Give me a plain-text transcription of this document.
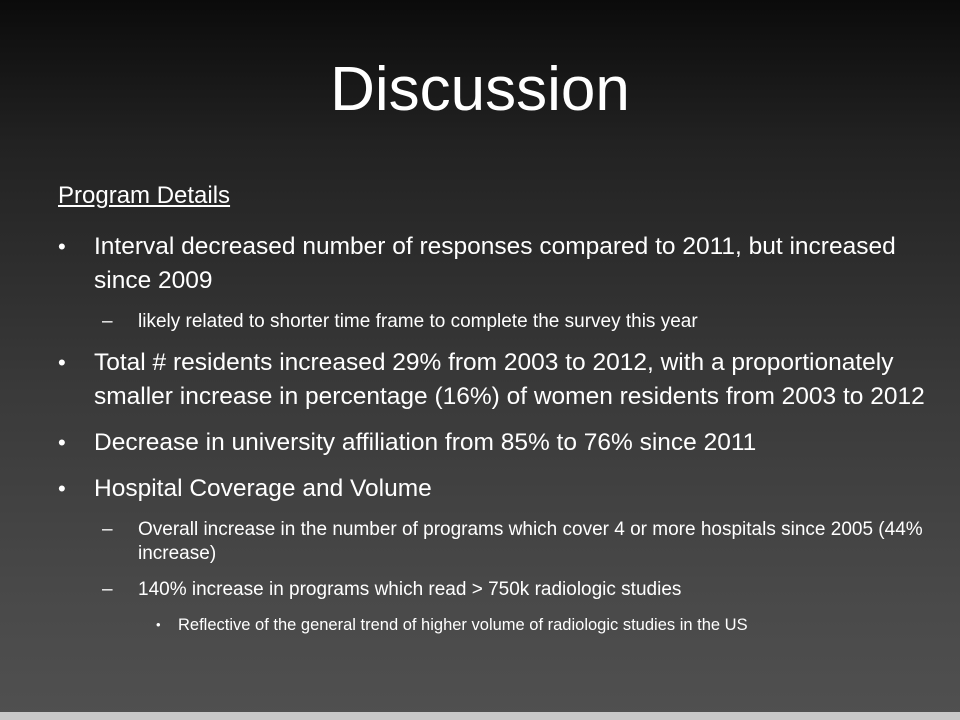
Discussion

Program Details

• Interval decreased number of responses compared to 2011, but increased since 2009
– likely related to shorter time frame to complete the survey this year
• Total # residents increased 29% from 2003 to 2012, with a proportionately smaller increase in percentage (16%) of women residents from 2003 to 2012
• Decrease in university affiliation from 85% to 76% since 2011
• Hospital Coverage and Volume
– Overall increase in the number of programs which cover 4 or more hospitals since 2005 (44% increase)
– 140% increase in programs which read > 750k radiologic studies
• Reflective of the general trend of higher volume of radiologic studies in the US
